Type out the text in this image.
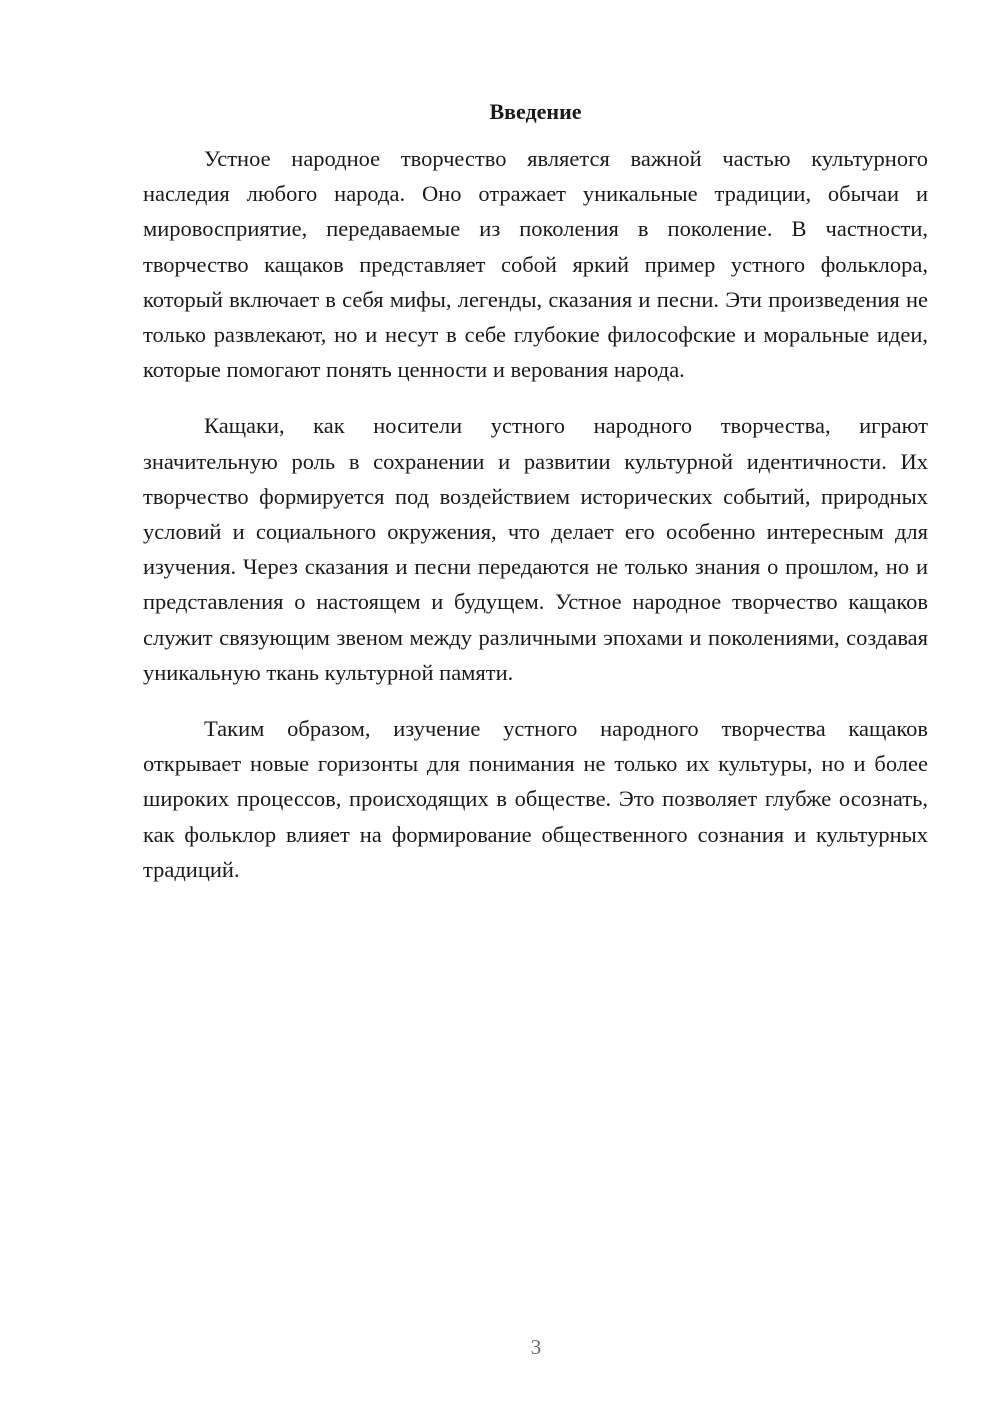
Введение

Устное народное творчество является важной частью культурного наследия любого народа. Оно отражает уникальные традиции, обычаи и мировосприятие, передаваемые из поколения в поколение. В частности, творчество кащаков представляет собой яркий пример устного фольклора, который включает в себя мифы, легенды, сказания и песни. Эти произведения не только развлекают, но и несут в себе глубокие философские и моральные идеи, которые помогают понять ценности и верования народа.

Кащаки, как носители устного народного творчества, играют значительную роль в сохранении и развитии культурной идентичности. Их творчество формируется под воздействием исторических событий, природных условий и социального окружения, что делает его особенно интересным для изучения. Через сказания и песни передаются не только знания о прошлом, но и представления о настоящем и будущем. Устное народное творчество кащаков служит связующим звеном между различными эпохами и поколениями, создавая уникальную ткань культурной памяти.

Таким образом, изучение устного народного творчества кащаков открывает новые горизонты для понимания не только их культуры, но и более широких процессов, происходящих в обществе. Это позволяет глубже осознать, как фольклор влияет на формирование общественного сознания и культурных традиций.

3
